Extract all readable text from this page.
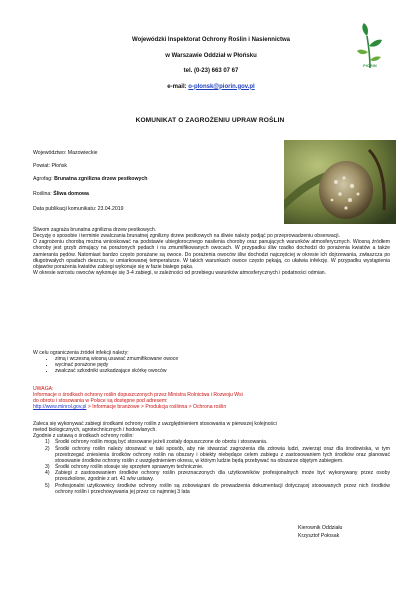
Wojewódzki Inspektorat Ochrony Roślin i Nasiennictwa
w Warszawie Oddział w Płońsku
tel. (0-23) 663 07 67
e-mail: o-plonsk@piorin.gov.pl
PIORIN
KOMUNIKAT O ZAGROŻENIU UPRAW ROŚLIN
Województwo: Mazowieckie
Powiat: Płońsk
Agrofag: Brunatna zgnilizna drzew pestkowych
Roślina: Śliwa domowa
Data publikacji komunikatu: 23.04.2019
Śliwom zagraża brunatna zgnilizna drzew pestkowych.
Decyzję o sposobie i terminie zwalczania brunatnej zgnilizny drzew pestkowych na śliwie należy podjąć po przeprowadzeniu obserwacji.
O zagrożeniu chorobą można wnioskować na podstawie ubiegłorocznego nasilenia choroby oraz panujących warunków atmosferycznych. Wiosną źródłem choroby jest grzyb zimujący na porażonych pędach i na zmumifikowanych owocach. W przypadku śliw rzadko dochodzi do porażenia kwiatów a także zamierania pędów. Natomiast bardzo często porażane są owoce. Do porażenia owoców śliw dochodzi najczęściej w okresie ich dojrzewania, zwłaszcza po długotrwałych opadach deszczu, w umiarkowanej temperaturze. W takich warunkach owoce często pękają, co ułatwia infekcję. W przypadku wystąpienia objawów porażenia kwiatów zabiegi wykonuje się w fazie białego pąka.
W okresie wzrostu owoców wykonuje się 3-4 zabiegi, w zależności od przebiegu warunków atmosferycznych i podatności odmian.
W celu ograniczenia źródeł infekcji należy:
• zimą i wczesną wiosną usuwać zmumifikowane owoce
• wycinać porażone pędy
• zwalczać szkodniki uszkadzające skórkę owoców
UWAGA:
Informacje o środkach ochrony roślin dopuszczonych przez Ministra Rolnictwa i Rozwoju Wsi
do obrotu i stosowania w Polsce są dostępne pod adresem:
http://www.minrol.gov.pl > Informacje branżowe > Produkcja roślinna > Ochrona roślin
Zaleca się wykonywać zabiegi środkami ochrony roślin z uwzględnieniem stosowania w pierwszej kolejności
metod biologicznych, agrotechnicznych i hodowlanych.
Zgodnie z ustawą o środkach ochrony roślin:
1) Środki ochrony roślin mogą być stosowane jeżeli zostały dopuszczone do obrotu i stosowania.
2) Środki ochrony roślin należy stosować w taki sposób, aby nie stwarzać zagrożenia dla zdrowia ludzi, zwierząt oraz dla środowiska, w tym przestrzegać zniesienia środków ochrony roślin na obszary i obiekty niebędące celem zabiegu z zastosowaniem tych środków oraz planować stosowanie środków ochrony roślin z uwzględnieniem okresu, w którym ludzie będą przebywać na obszarze objętym zabiegiem.
3) Środki ochrony roślin stosuje się sprzętem sprawnym technicznie.
4) Zabiegi z zastosowaniem środków ochrony roślin przeznaczonych dla użytkowników profesjonalnych może być wykonywany przez osoby przeszkolone, zgodnie z art. 41 w/w ustawy.
5) Profesjonalni użytkownicy środków ochrony roślin są zobowiązani do prowadzenia dokumentacji dotyczącej stosowanych przez nich środków ochrony roślin i przechowywania jej przez co najmniej 3 lata
Kierownik Oddziału
Krzysztof Połosak
